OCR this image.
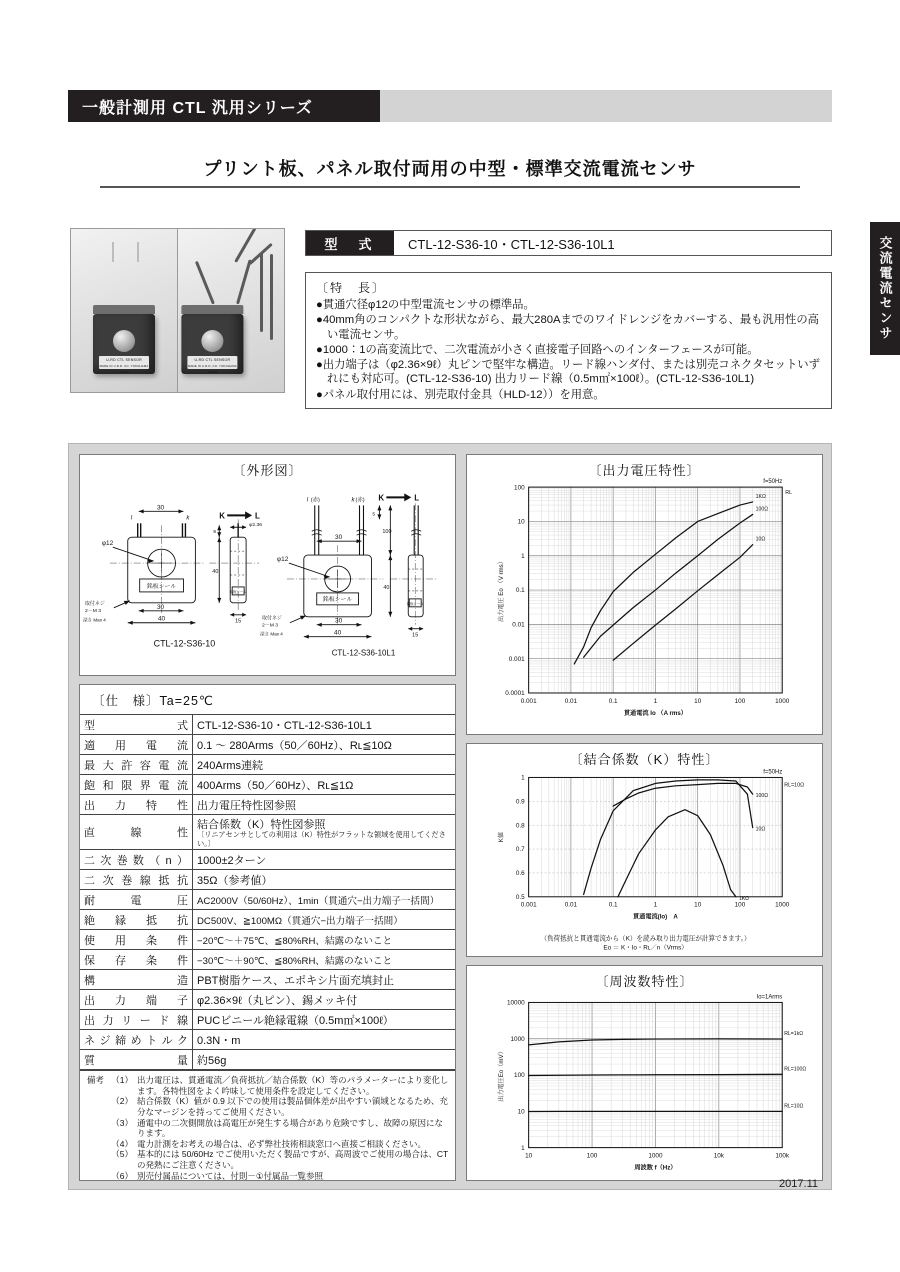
一般計測用 CTL 汎用シリーズ
プリント板、パネル取付両用の中型・標準交流電流センサ
交流電流センサ
U-RD CTL SENSOR
MADE IN U.R.D. CO. YOKOHAMA JAPAN
U-RD CTL SENSOR
MADE IN U.R.D. CO. YOKOHAMA JAPAN
型　式	CTL-12-S36-10・CTL-12-S36-10L1
〔特　長〕
●貫通穴径φ12の中型電流センサの標準品。
●40mm角のコンパクトな形状ながら、最大280Aまでのワイドレンジをカバーする、最も汎用性の高い電流センサ。
●1000：1の高変流比で、二次電流が小さく直接電子回路へのインターフェースが可能。
●出力端子は（φ2.36×9ℓ）丸ピンで堅牢な構造。リード線ハンダ付、または別売コネクタセットいずれにも対応可。(CTL-12-S36-10) 出力リード線（0.5m㎡×100ℓ）。(CTL-12-S36-10L1)
●パネル取付用には、別売取付金具（HLD-12））を用意。
〔外形図〕
銘板シール
l	k
30
30
40
φ12
取付ネジ
2－M 3
深さ Max 4
銘板シール
K	L
φ2.36
9
40
15
CTL-12-S36-10
銘板シール
l (赤)	k (赤)
30
30
40
φ12
取付ネジ
2－M 3
深さ Max 4
銘板シール
K	L
5
100
40
15
CTL-12-S36-10L1
〔仕　様〕Ta=25℃
型　式	CTL-12-S36-10・CTL-12-S36-10L1
適用電流	0.1 ～ 280Arms（50／60Hz）、Rʟ≦10Ω
最大許容電流	240Arms連続
飽和限界電流	400Arms（50／60Hz）、Rʟ≦1Ω
出力特性	出力電圧特性図参照
直線性	結合係数（K）特性図参照
〔リニアセンサとしての利用は（K）特性がフラットな領域を使用してください。〕

二次巻数（n）	1000±2ターン
二次巻線抵抗	35Ω（参考値）
耐電圧	AC2000V（50/60Hz）、1min（貫通穴−出力端子一括間）
絶縁抵抗	DC500V、≧100MΩ（貫通穴−出力端子一括間）
使用条件	−20℃～＋75℃、≦80%RH、結露のないこと
保存条件	−30℃～＋90℃、≦80%RH、結露のないこと
構造	PBT樹脂ケース、エポキシ片面充填封止
出力端子	φ2.36×9ℓ（丸ピン）、錫メッキ付
出力リード線	PUCビニール絶縁電線（0.5m㎡×100ℓ）
ネジ締めトルク	0.3N・m
質　量	約56g
備考 （1） 出力電圧は、貫通電流／負荷抵抗／結合係数（K）等のパラメーターにより変化します。各特性図をよく吟味して使用条件を設定してください。
（2） 結合係数（K）値が 0.9 以下での使用は製品個体差が出やすい領域となるため、充分なマージンを持ってご使用ください。
（3） 通電中の二次側開放は高電圧が発生する場合があり危険ですし、故障の原因になります。
（4） 電力計測をお考えの場合は、必ず弊社技術相談窓口へ直接ご相談ください。
（5） 基本的には 50/60Hz でご使用いただく製品ですが、高周波でご使用の場合は、CTの発熱にご注意ください。
（6） 別売付属品については、付則－①付属品一覧参照
〔出力電圧特性〕
0.001	0.01	0.1	1	10	100	1000
0.0001
0.001
0.01
0.1
1
10
100
貫通電流 Io （A rms）
出力電圧 Eo （V rms）
f=50Hz
RL
1KΩ
100Ω
10Ω
〔結合係数（K）特性〕
0.001	0.01	0.1	1	10	100	1000
0.5
0.6
0.7
0.8
0.9
1
貫通電流(Io)　A
K値
f=50Hz
RL=10Ω
10Ω
100Ω
1KΩ
（負荷抵抗と貫通電流から（K）を読み取り出力電圧が計算できます。）
Eo ＝ K・Io・Rʟ／n（Vrms）
〔周波数特性〕
10	100	1000	10k	100k
1
10
100
1000
10000
周波数 f（Hz）
出力電圧Eo（mV）
Io=1Arms
RL=1kΩ
RL=100Ω
RL=10Ω
2017.11
